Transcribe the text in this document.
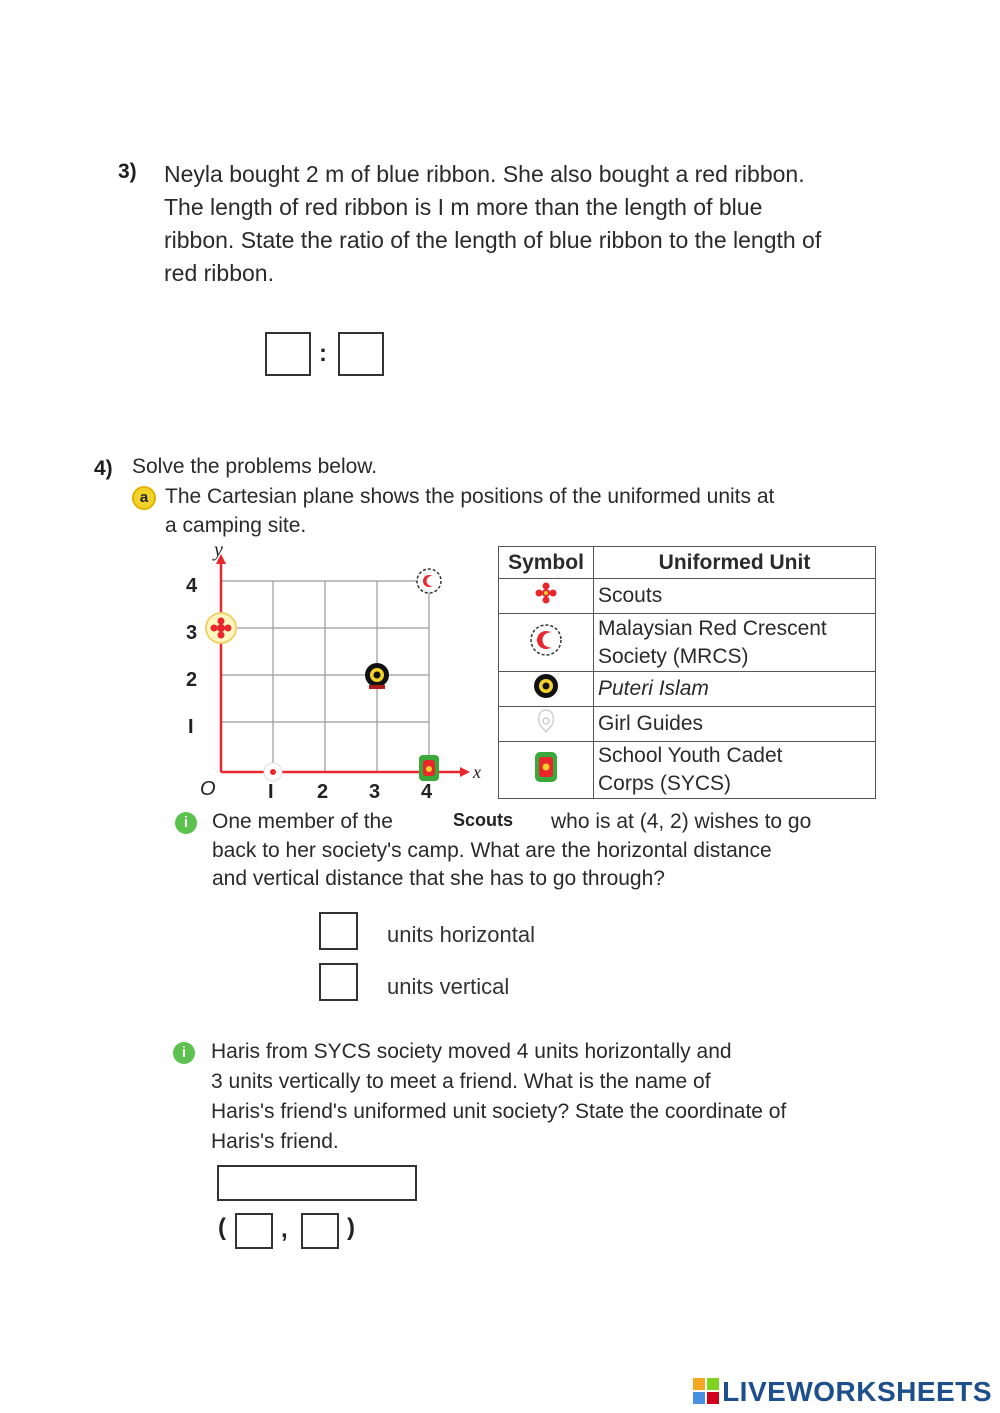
3) Neyla bought 2 m of blue ribbon. She also bought a red ribbon.
The length of red ribbon is I m more than the length of blue
ribbon. State the ratio of the length of blue ribbon to the length of
red ribbon.
:
4) Solve the problems below.
a The Cartesian plane shows the positions of the uniformed units at
a camping site.
y
x
O	I 2 3 4
I
2
3
4
Symbol	Uniformed Unit
	Scouts

Malaysian Red Crescent
Society (MRCS)

	Puteri Islam
	Girl Guides

School Youth Cadet
Corps (SYCS)
i	One member of the	Scouts who is at (4, 2) wishes to go
back to her society's camp. What are the horizontal distance
and vertical distance that she has to go through?
units horizontal
units vertical
i	Haris from SYCS society moved 4 units horizontally and
3 units vertically to meet a friend. What is the name of
Haris's friend's uniformed unit society? State the coordinate of
Haris's friend.
( , )
LIVEWORKSHEETS
